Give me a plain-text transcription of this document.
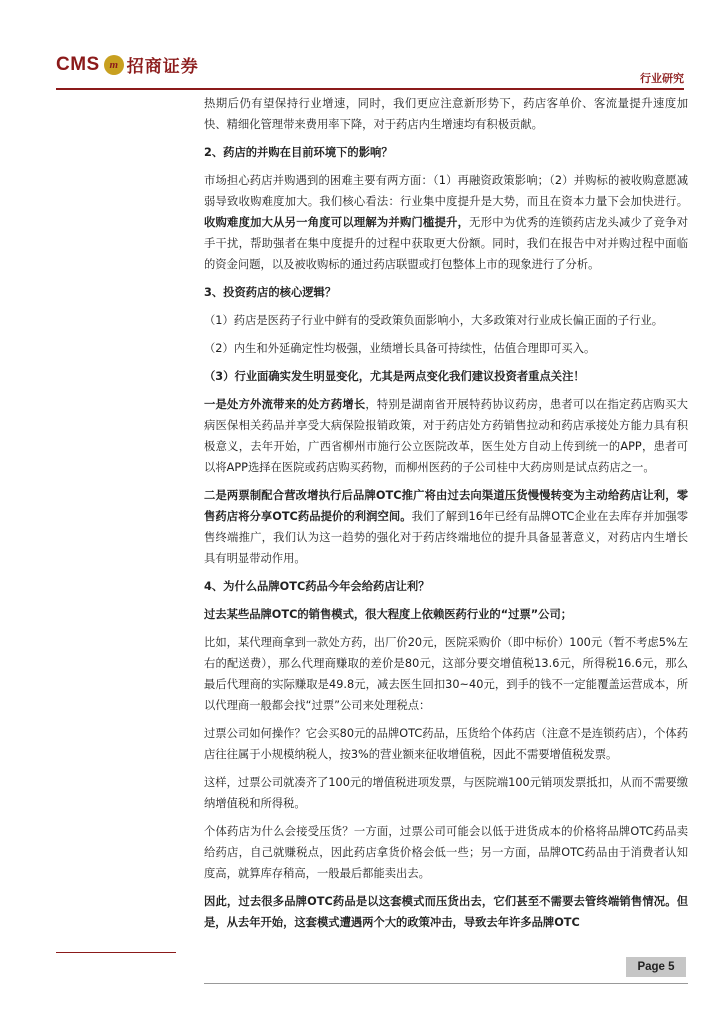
CMS m 招商证券
行业研究

热期后仍有望保持行业增速，同时，我们更应注意新形势下，药店客单价、客流量提升速度加快、精细化管理带来费用率下降，对于药店内生增速均有积极贡献。

2、药店的并购在目前环境下的影响？

市场担心药店并购遇到的困难主要有两方面：（1）再融资政策影响；（2）并购标的被收购意愿减弱导致收购难度加大。我们核心看法：行业集中度提升是大势，而且在资本力量下会加快进行。收购难度加大从另一角度可以理解为并购门槛提升，无形中为优秀的连锁药店龙头减少了竞争对手干扰，帮助强者在集中度提升的过程中获取更大份额。同时，我们在报告中对并购过程中面临的资金问题，以及被收购标的通过药店联盟或打包整体上市的现象进行了分析。

3、投资药店的核心逻辑？

（1）药店是医药子行业中鲜有的受政策负面影响小，大多政策对行业成长偏正面的子行业。

（2）内生和外延确定性均极强，业绩增长具备可持续性，估值合理即可买入。

（3）行业面确实发生明显变化，尤其是两点变化我们建议投资者重点关注！

一是处方外流带来的处方药增长，特别是湖南省开展特药协议药房，患者可以在指定药店购买大病医保相关药品并享受大病保险报销政策，对于药店处方药销售拉动和药店承接处方能力具有积极意义，去年开始，广西省柳州市施行公立医院改革，医生处方自动上传到统一的APP，患者可以将APP选择在医院或药店购买药物，而柳州医药的子公司桂中大药房则是试点药店之一。

二是两票制配合营改增执行后品牌OTC推广将由过去向渠道压货慢慢转变为主动给药店让利，零售药店将分享OTC药品提价的利润空间。我们了解到16年已经有品牌OTC企业在去库存并加强零售终端推广，我们认为这一趋势的强化对于药店终端地位的提升具备显著意义，对药店内生增长具有明显带动作用。

4、为什么品牌OTC药品今年会给药店让利？

过去某些品牌OTC的销售模式，很大程度上依赖医药行业的“过票”公司；

比如，某代理商拿到一款处方药，出厂价20元，医院采购价（即中标价）100元（暂不考虑5%左右的配送费），那么代理商赚取的差价是80元，这部分要交增值税13.6元，所得税16.6元，那么最后代理商的实际赚取是49.8元，减去医生回扣30~40元，到手的钱不一定能覆盖运营成本，所以代理商一般都会找“过票”公司来处理税点：

过票公司如何操作？它会买80元的品牌OTC药品，压货给个体药店（注意不是连锁药店），个体药店往往属于小规模纳税人，按3%的营业额来征收增值税，因此不需要增值税发票。

这样，过票公司就凑齐了100元的增值税进项发票，与医院端100元销项发票抵扣，从而不需要缴纳增值税和所得税。

个体药店为什么会接受压货？一方面，过票公司可能会以低于进货成本的价格将品牌OTC药品卖给药店，自己就赚税点，因此药店拿货价格会低一些；另一方面，品牌OTC药品由于消费者认知度高，就算库存稍高，一般最后都能卖出去。

因此，过去很多品牌OTC药品是以这套模式而压货出去，它们甚至不需要去管终端销售情况。但是，从去年开始，这套模式遭遇两个大的政策冲击，导致去年许多品牌OTC

Page 5
